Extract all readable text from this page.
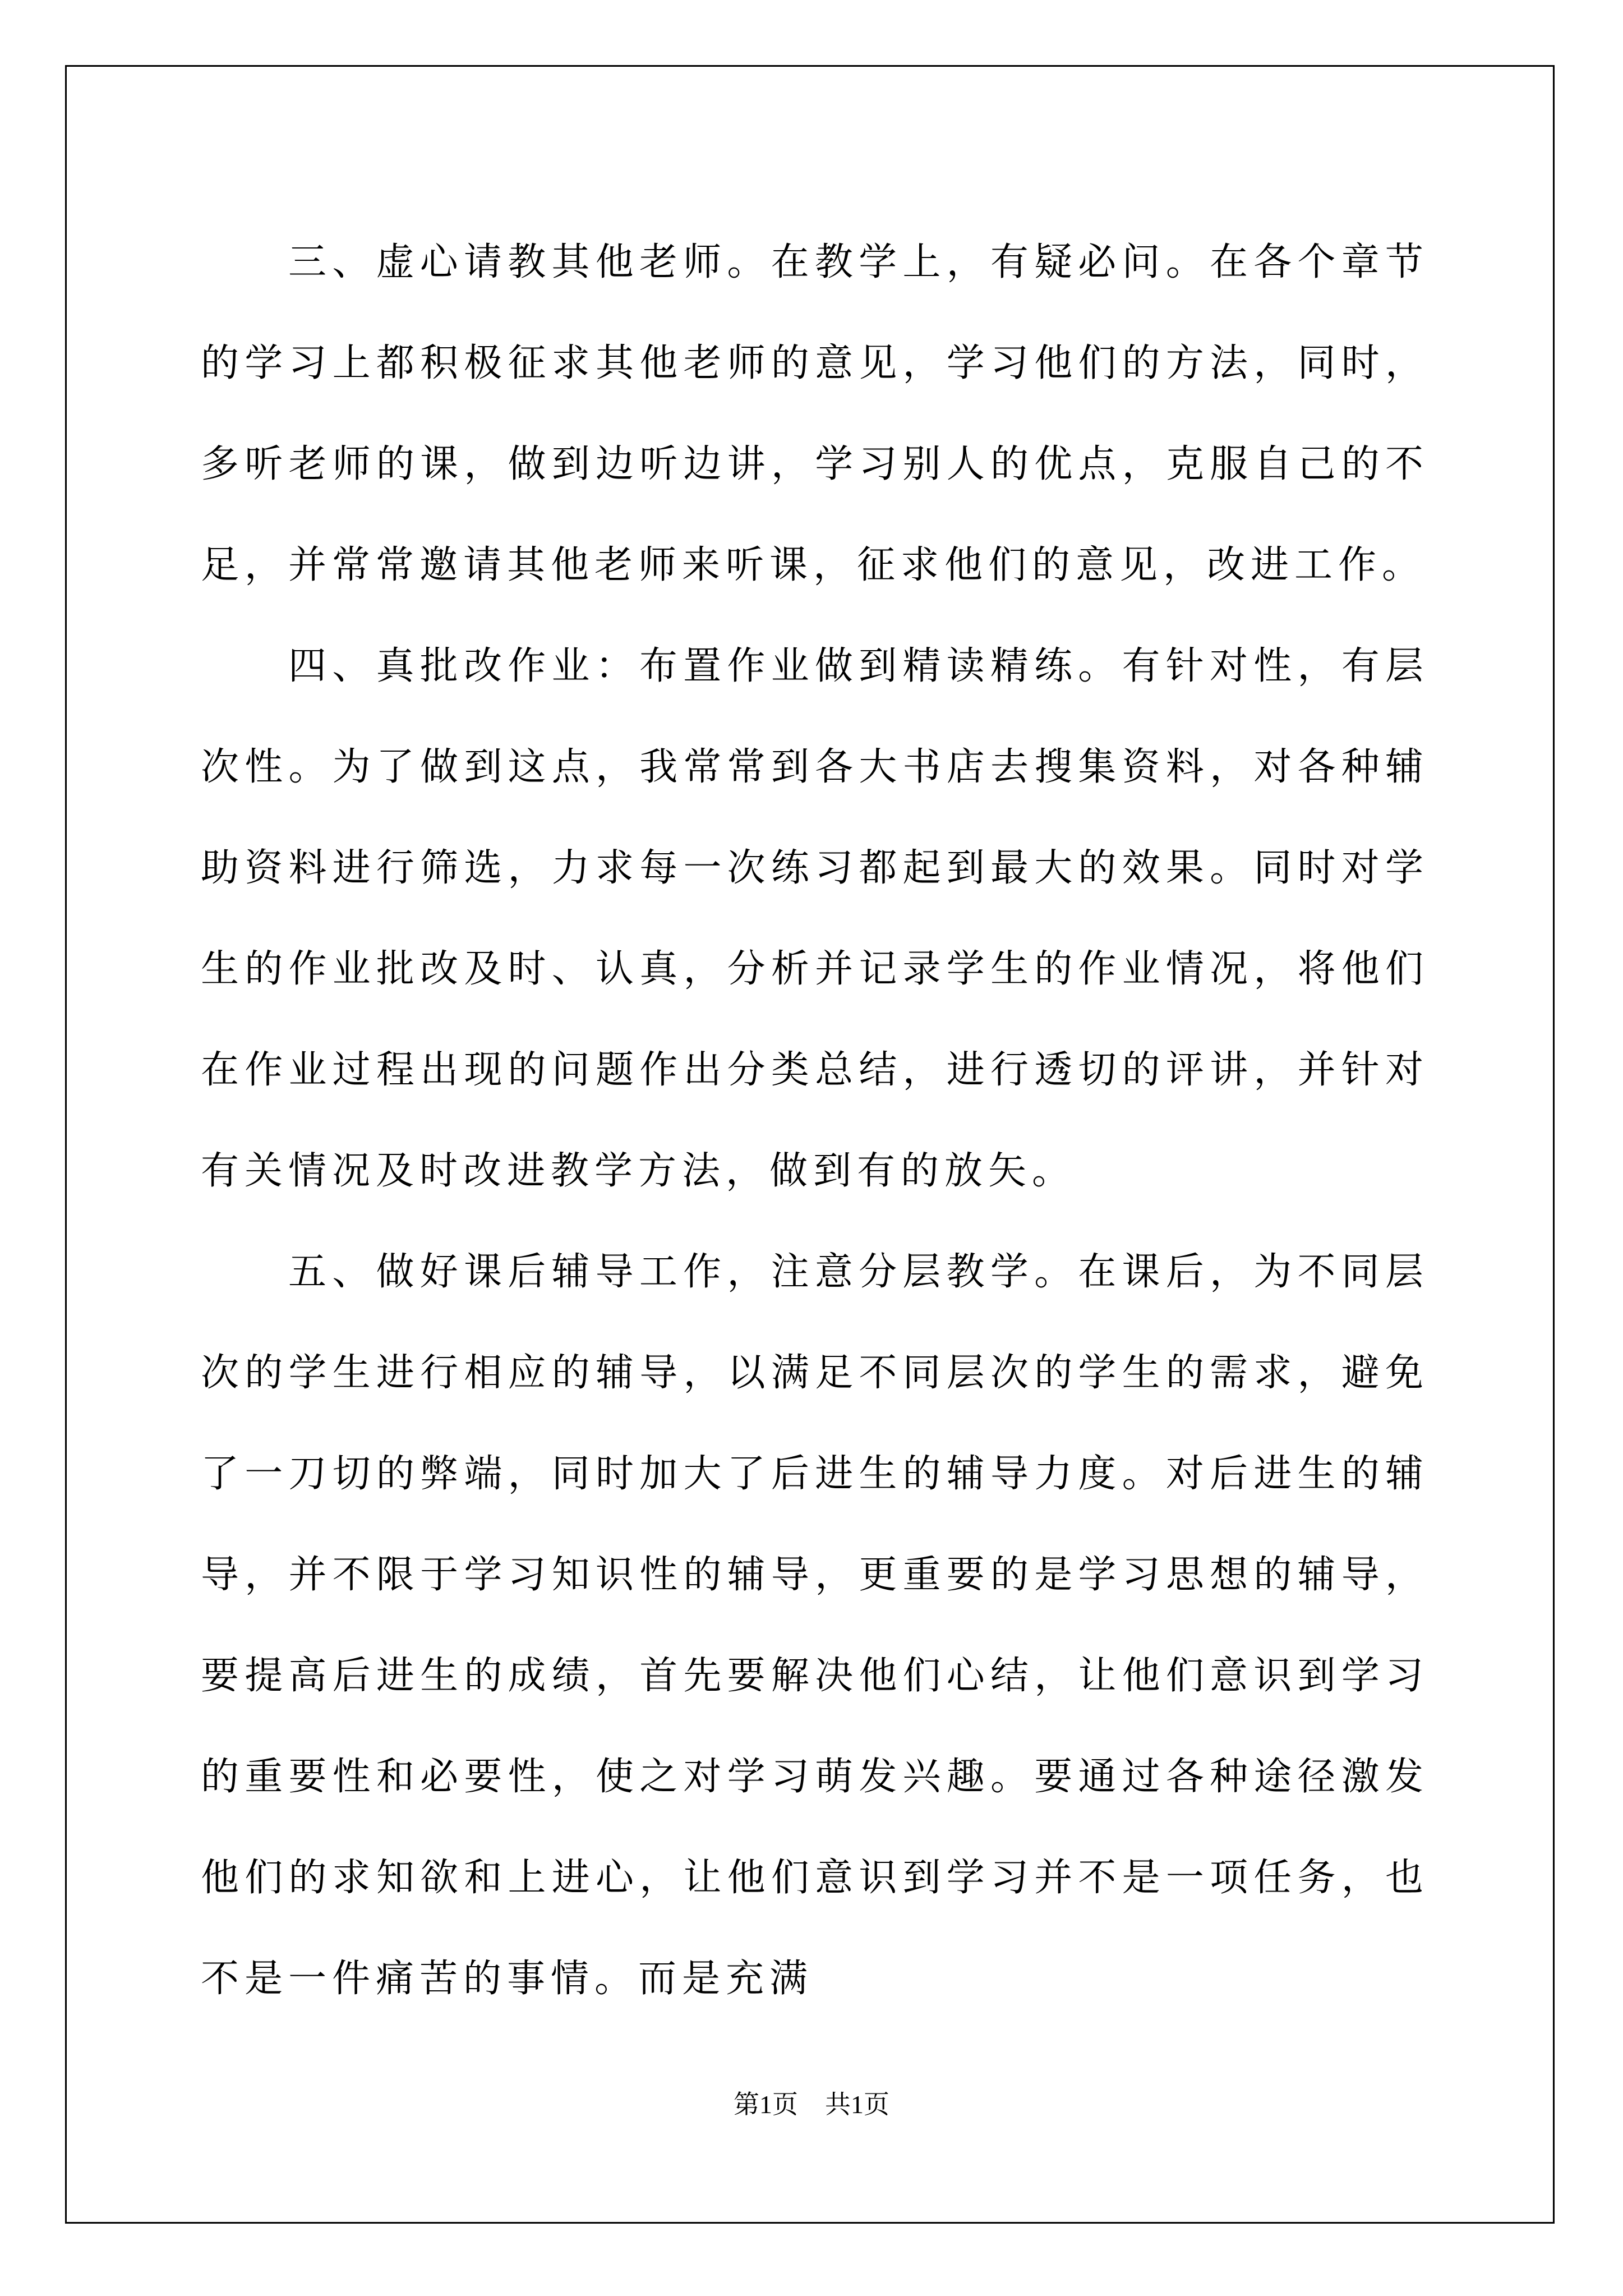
三、虚心请教其他老师。在教学上，有疑必问。在各个章节的学习上都积极征求其他老师的意见，学习他们的方法，同时，多听老师的课，做到边听边讲，学习别人的优点，克服自己的不足，并常常邀请其他老师来听课，征求他们的意见，改进工作。

四、真批改作业：布置作业做到精读精练。有针对性，有层次性。为了做到这点，我常常到各大书店去搜集资料，对各种辅助资料进行筛选，力求每一次练习都起到最大的效果。同时对学生的作业批改及时、认真，分析并记录学生的作业情况，将他们在作业过程出现的问题作出分类总结，进行透切的评讲，并针对有关情况及时改进教学方法，做到有的放矢。

五、做好课后辅导工作，注意分层教学。在课后，为不同层次的学生进行相应的辅导，以满足不同层次的学生的需求，避免了一刀切的弊端，同时加大了后进生的辅导力度。对后进生的辅导，并不限于学习知识性的辅导，更重要的是学习思想的辅导，要提高后进生的成绩，首先要解决他们心结，让他们意识到学习的重要性和必要性，使之对学习萌发兴趣。要通过各种途径激发他们的求知欲和上进心，让他们意识到学习并不是一项任务，也不是一件痛苦的事情。而是充满

第1页 共1页
